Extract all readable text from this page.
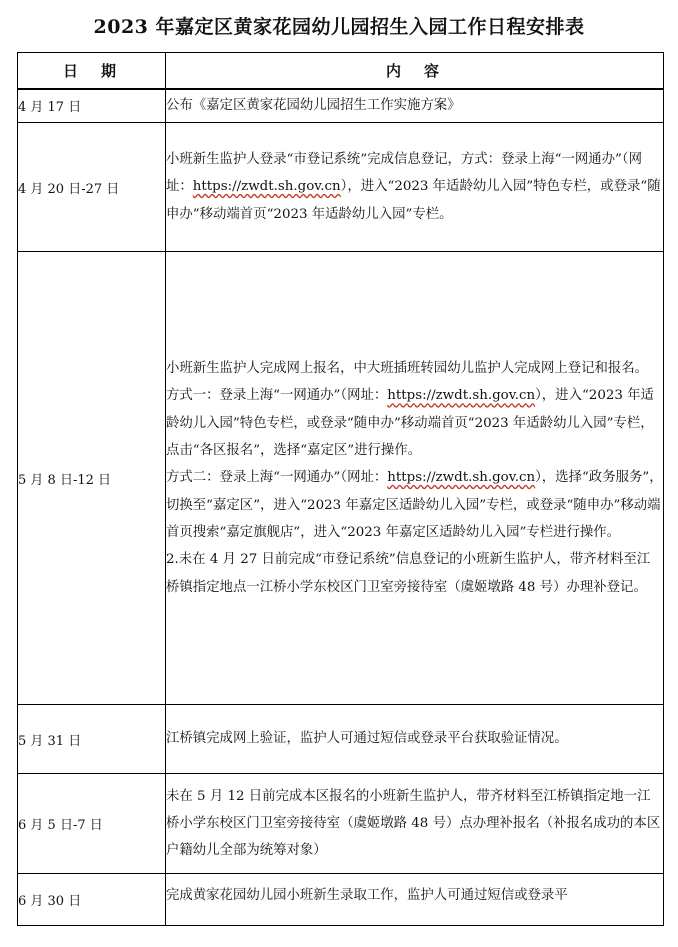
2023 年嘉定区黄家花园幼儿园招生入园工作日程安排表
日　期	内　容
4 月 17 日	公布《嘉定区黄家花园幼儿园招生工作实施方案》

4 月 20 日-27 日	小班新生监护人登录“市登记系统”完成信息登记，方式：登录上海“一网通办”（网址：https://zwdt.sh.gov.cn），进入“2023 年适龄幼儿入园”特色专栏，或登录“随申办”移动端首页“2023 年适龄幼儿入园”专栏。

5 月 8 日-12 日	小班新生监护人完成网上报名，中大班插班转园幼儿监护人完成网上登记和报名。

方式一：登录上海“一网通办”（网址：https://zwdt.sh.gov.cn），进入“2023 年适龄幼儿入园”特色专栏，或登录“随申办”移动端首页“2023 年适龄幼儿入园”专栏，点击“各区报名”，选择“嘉定区”进行操作。

方式二：登录上海“一网通办”（网址：https://zwdt.sh.gov.cn），选择“政务服务”，切换至“嘉定区”，进入“2023 年嘉定区适龄幼儿入园”专栏，或登录“随申办”移动端首页搜索“嘉定旗舰店”，进入“2023 年嘉定区适龄幼儿入园”专栏进行操作。

2.未在 4 月 27 日前完成“市登记系统”信息登记的小班新生监护人，带齐材料至江桥镇指定地点一江桥小学东校区门卫室旁接待室（虞姬墩路 48 号）办理补登记。

5 月 31 日	江桥镇完成网上验证，监护人可通过短信或登录平台获取验证情况。

6 月 5 日-7 日	未在 5 月 12 日前完成本区报名的小班新生监护人，带齐材料至江桥镇指定地一江桥小学东校区门卫室旁接待室（虞姬墩路 48 号）点办理补报名（补报名成功的本区户籍幼儿全部为统筹对象）

6 月 30 日	完成黄家花园幼儿园小班新生录取工作，监护人可通过短信或登录平
